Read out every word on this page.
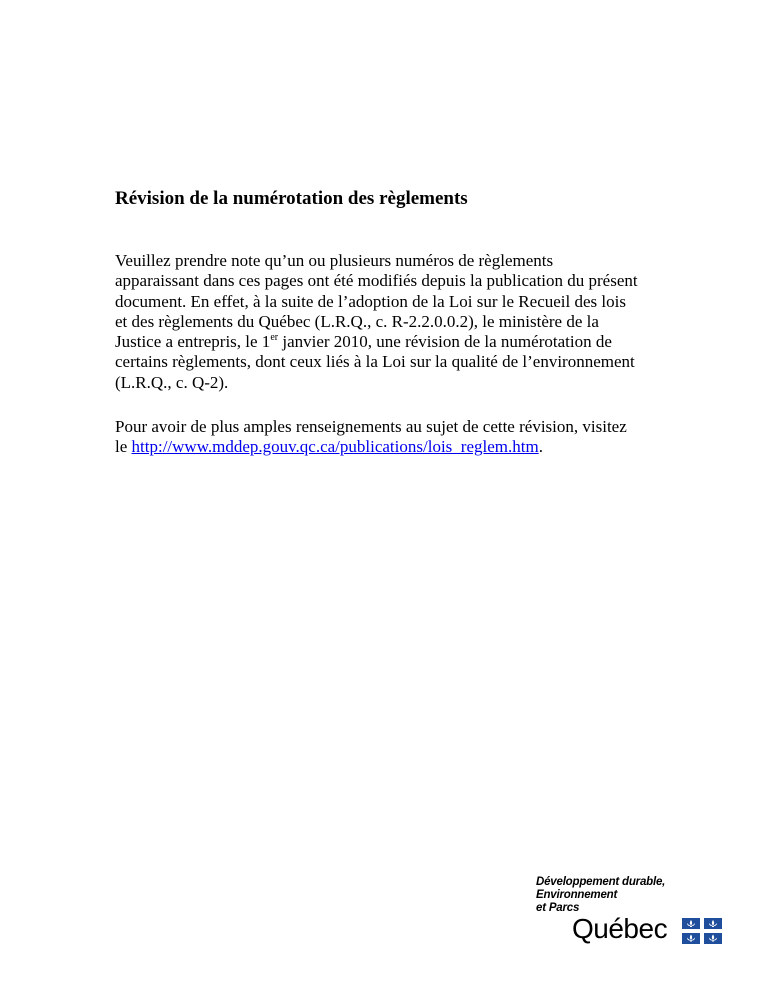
Révision de la numérotation des règlements
Veuillez prendre note qu’un ou plusieurs numéros de règlements
apparaissant dans ces pages ont été modifiés depuis la publication du présent
document. En effet, à la suite de l’adoption de la Loi sur le Recueil des lois
et des règlements du Québec (L.R.Q., c. R-2.2.0.0.2), le ministère de la
Justice a entrepris, le 1er janvier 2010, une révision de la numérotation de
certains règlements, dont ceux liés à la Loi sur la qualité de l’environnement
(L.R.Q., c. Q-2).
Pour avoir de plus amples renseignements au sujet de cette révision, visitez
le http://www.mddep.gouv.qc.ca/publications/lois_reglem.htm.
Développement durable,
Environnement
et Parcs
Québec
